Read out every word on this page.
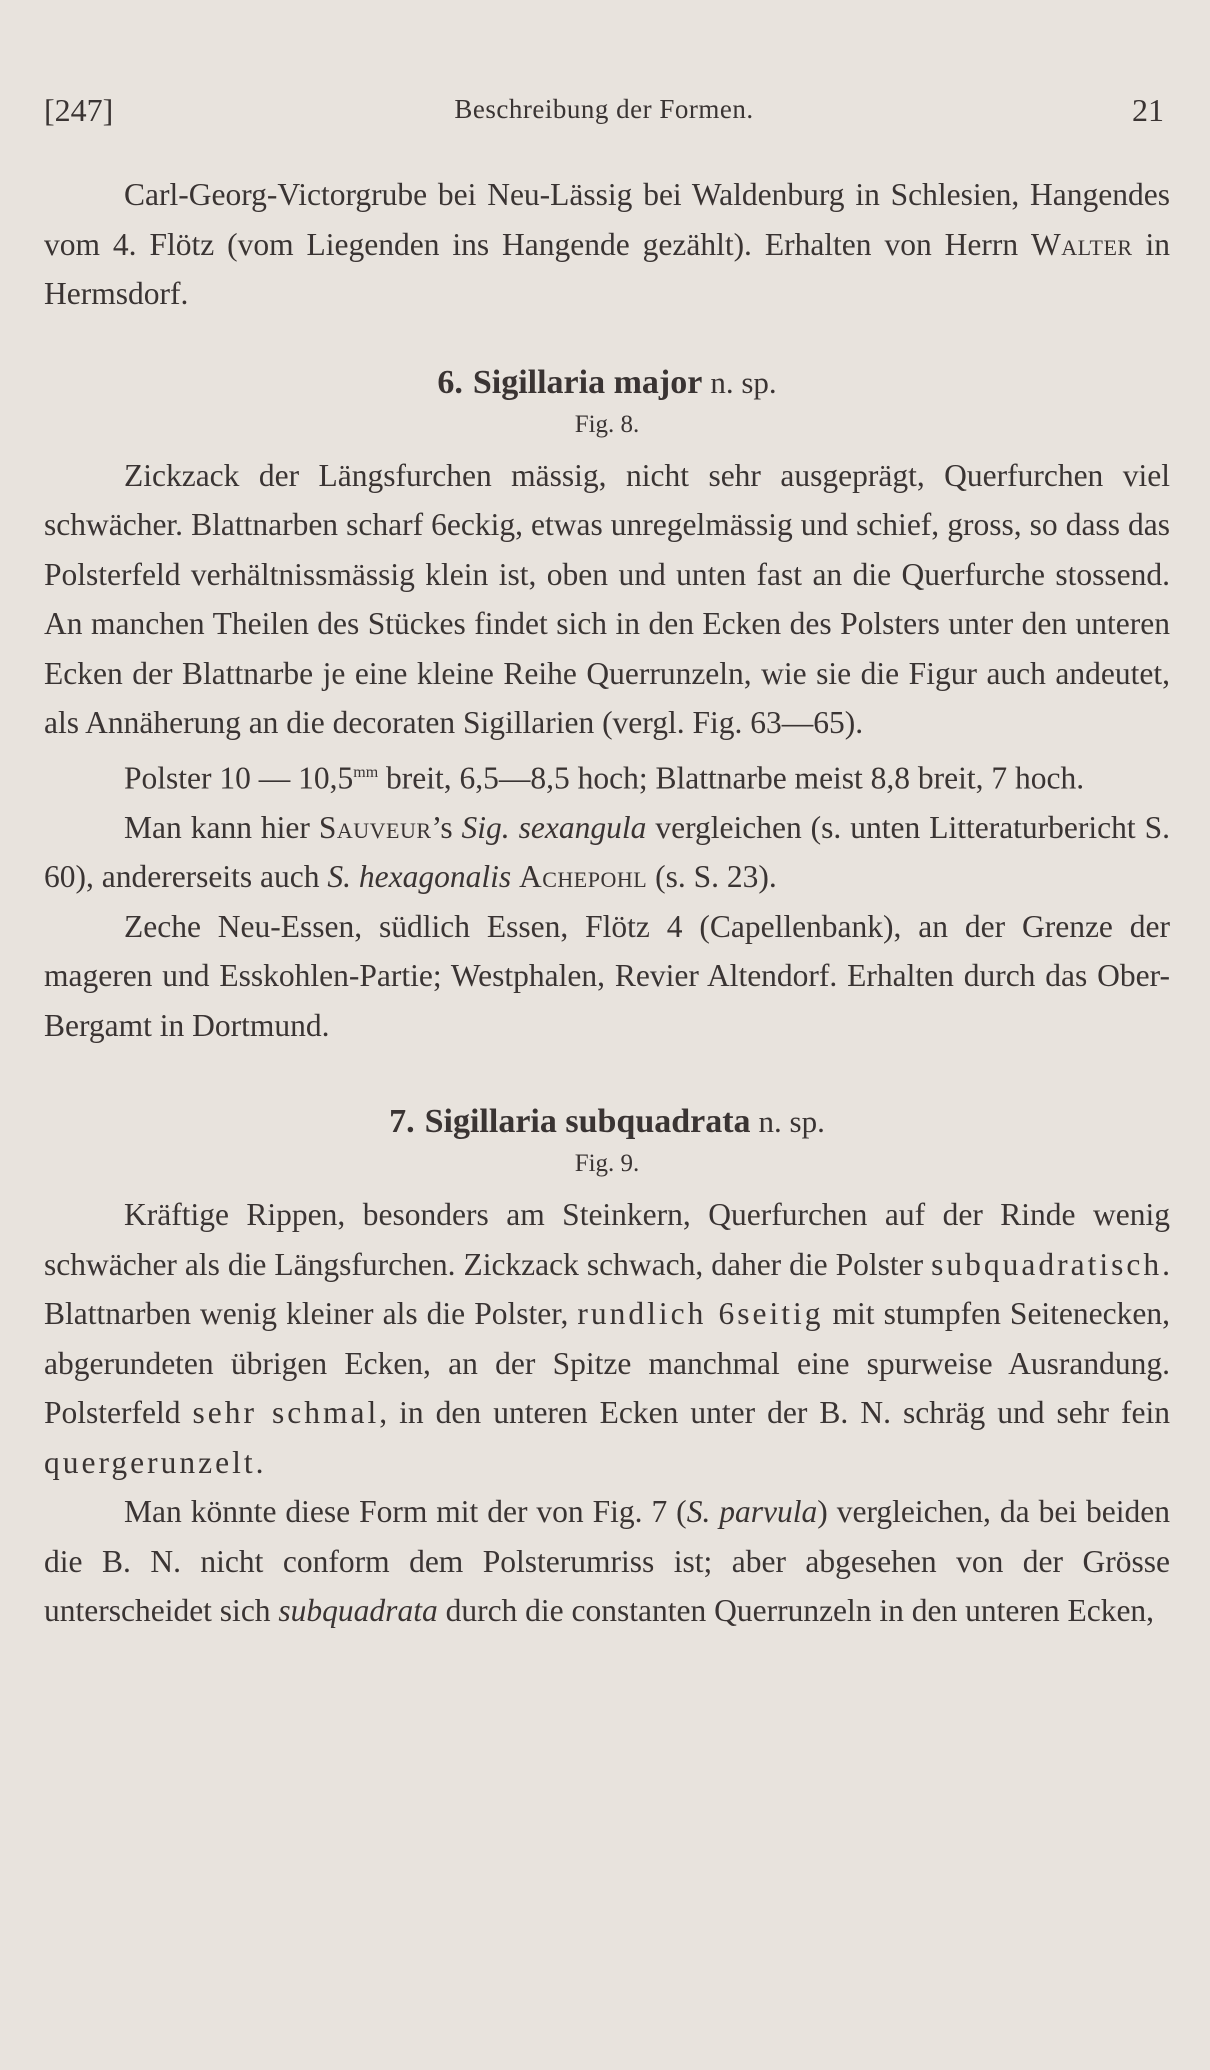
[247]	Beschreibung der Formen.	21

Carl-Georg-Victorgrube bei Neu-Lässig bei Waldenburg in Schlesien, Hangendes vom 4. Flötz (vom Liegenden ins Hangende gezählt). Erhalten von Herrn Walter in Hermsdorf.

6. Sigillaria major n. sp.

Fig. 8.

Zickzack der Längsfurchen mässig, nicht sehr ausgeprägt, Querfurchen viel schwächer. Blattnarben scharf 6eckig, etwas unregelmässig und schief, gross, so dass das Polsterfeld verhältnissmässig klein ist, oben und unten fast an die Querfurche stossend. An manchen Theilen des Stückes findet sich in den Ecken des Polsters unter den unteren Ecken der Blattnarbe je eine kleine Reihe Querrunzeln, wie sie die Figur auch andeutet, als Annäherung an die decoraten Sigillarien (vergl. Fig. 63—65).

Polster 10 — $10,5^{mm}$ breit, 6,5—8,5 hoch; Blattnarbe meist 8,8 breit, 7 hoch.

Man kann hier Sauveur’s Sig. sexangula vergleichen (s. unten Litteraturbericht S. 60), andererseits auch S. hexagonalis Achepohl (s. S. 23).

Zeche Neu-Essen, südlich Essen, Flötz 4 (Capellenbank), an der Grenze der mageren und Esskohlen-Partie; Westphalen, Revier Altendorf. Erhalten durch das Ober-Bergamt in Dortmund.

7. Sigillaria subquadrata n. sp.

Fig. 9.

Kräftige Rippen, besonders am Steinkern, Querfurchen auf der Rinde wenig schwächer als die Längsfurchen. Zickzack schwach, daher die Polster subquadratisch. Blattnarben wenig kleiner als die Polster, rundlich 6seitig mit stumpfen Seitenecken, abgerundeten übrigen Ecken, an der Spitze manchmal eine spurweise Ausrandung. Polsterfeld sehr schmal, in den unteren Ecken unter der B. N. schräg und sehr fein quergerunzelt.

Man könnte diese Form mit der von Fig. 7 (S. parvula) vergleichen, da bei beiden die B. N. nicht conform dem Polsterumriss ist; aber abgesehen von der Grösse unterscheidet sich subquadrata durch die constanten Querrunzeln in den unteren Ecken,
